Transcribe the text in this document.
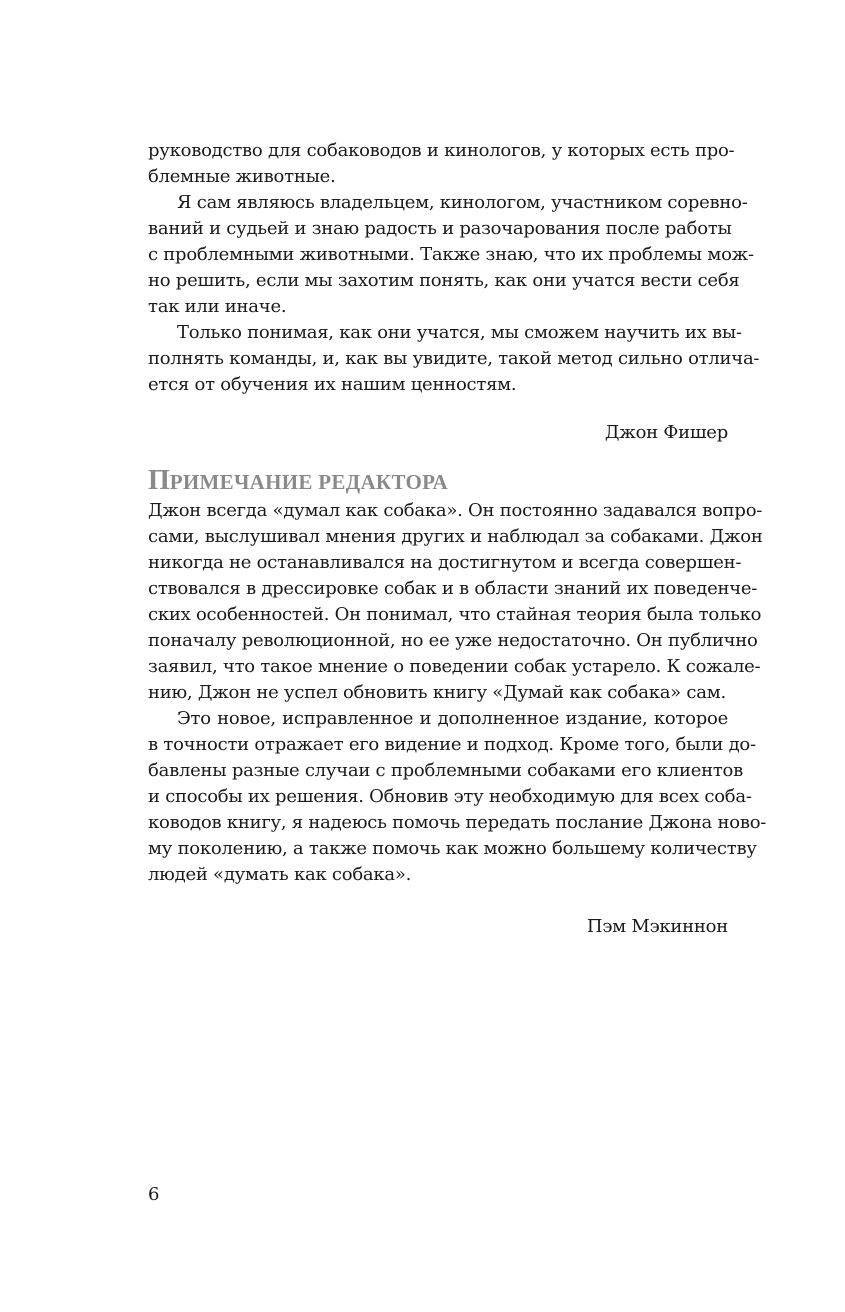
руководство для собаководов и кинологов, у которых есть про-
блемные животные.
Я сам являюсь владельцем, кинологом, участником соревно-
ваний и судьей и знаю радость и разочарования после работы
с проблемными животными. Также знаю, что их проблемы мож-
но решить, если мы захотим понять, как они учатся вести себя
так или иначе.
Только понимая, как они учатся, мы сможем научить их вы-
полнять команды, и, как вы увидите, такой метод сильно отлича-
ется от обучения их нашим ценностям.
Джон Фишер
ПРИМЕЧАНИЕ РЕДАКТОРА
Джон всегда «думал как собака». Он постоянно задавался вопро-
сами, выслушивал мнения других и наблюдал за собаками. Джон
никогда не останавливался на достигнутом и всегда совершен-
ствовался в дрессировке собак и в области знаний их поведенче-
ских особенностей. Он понимал, что стайная теория была только
поначалу революционной, но ее уже недостаточно. Он публично
заявил, что такое мнение о поведении собак устарело. К сожале-
нию, Джон не успел обновить книгу «Думай как собака» сам.
Это новое, исправленное и дополненное издание, которое
в точности отражает его видение и подход. Кроме того, были до-
бавлены разные случаи с проблемными собаками его клиентов
и способы их решения. Обновив эту необходимую для всех соба-
ководов книгу, я надеюсь помочь передать послание Джона ново-
му поколению, а также помочь как можно большему количеству
людей «думать как собака».
Пэм Мэкиннон
6
